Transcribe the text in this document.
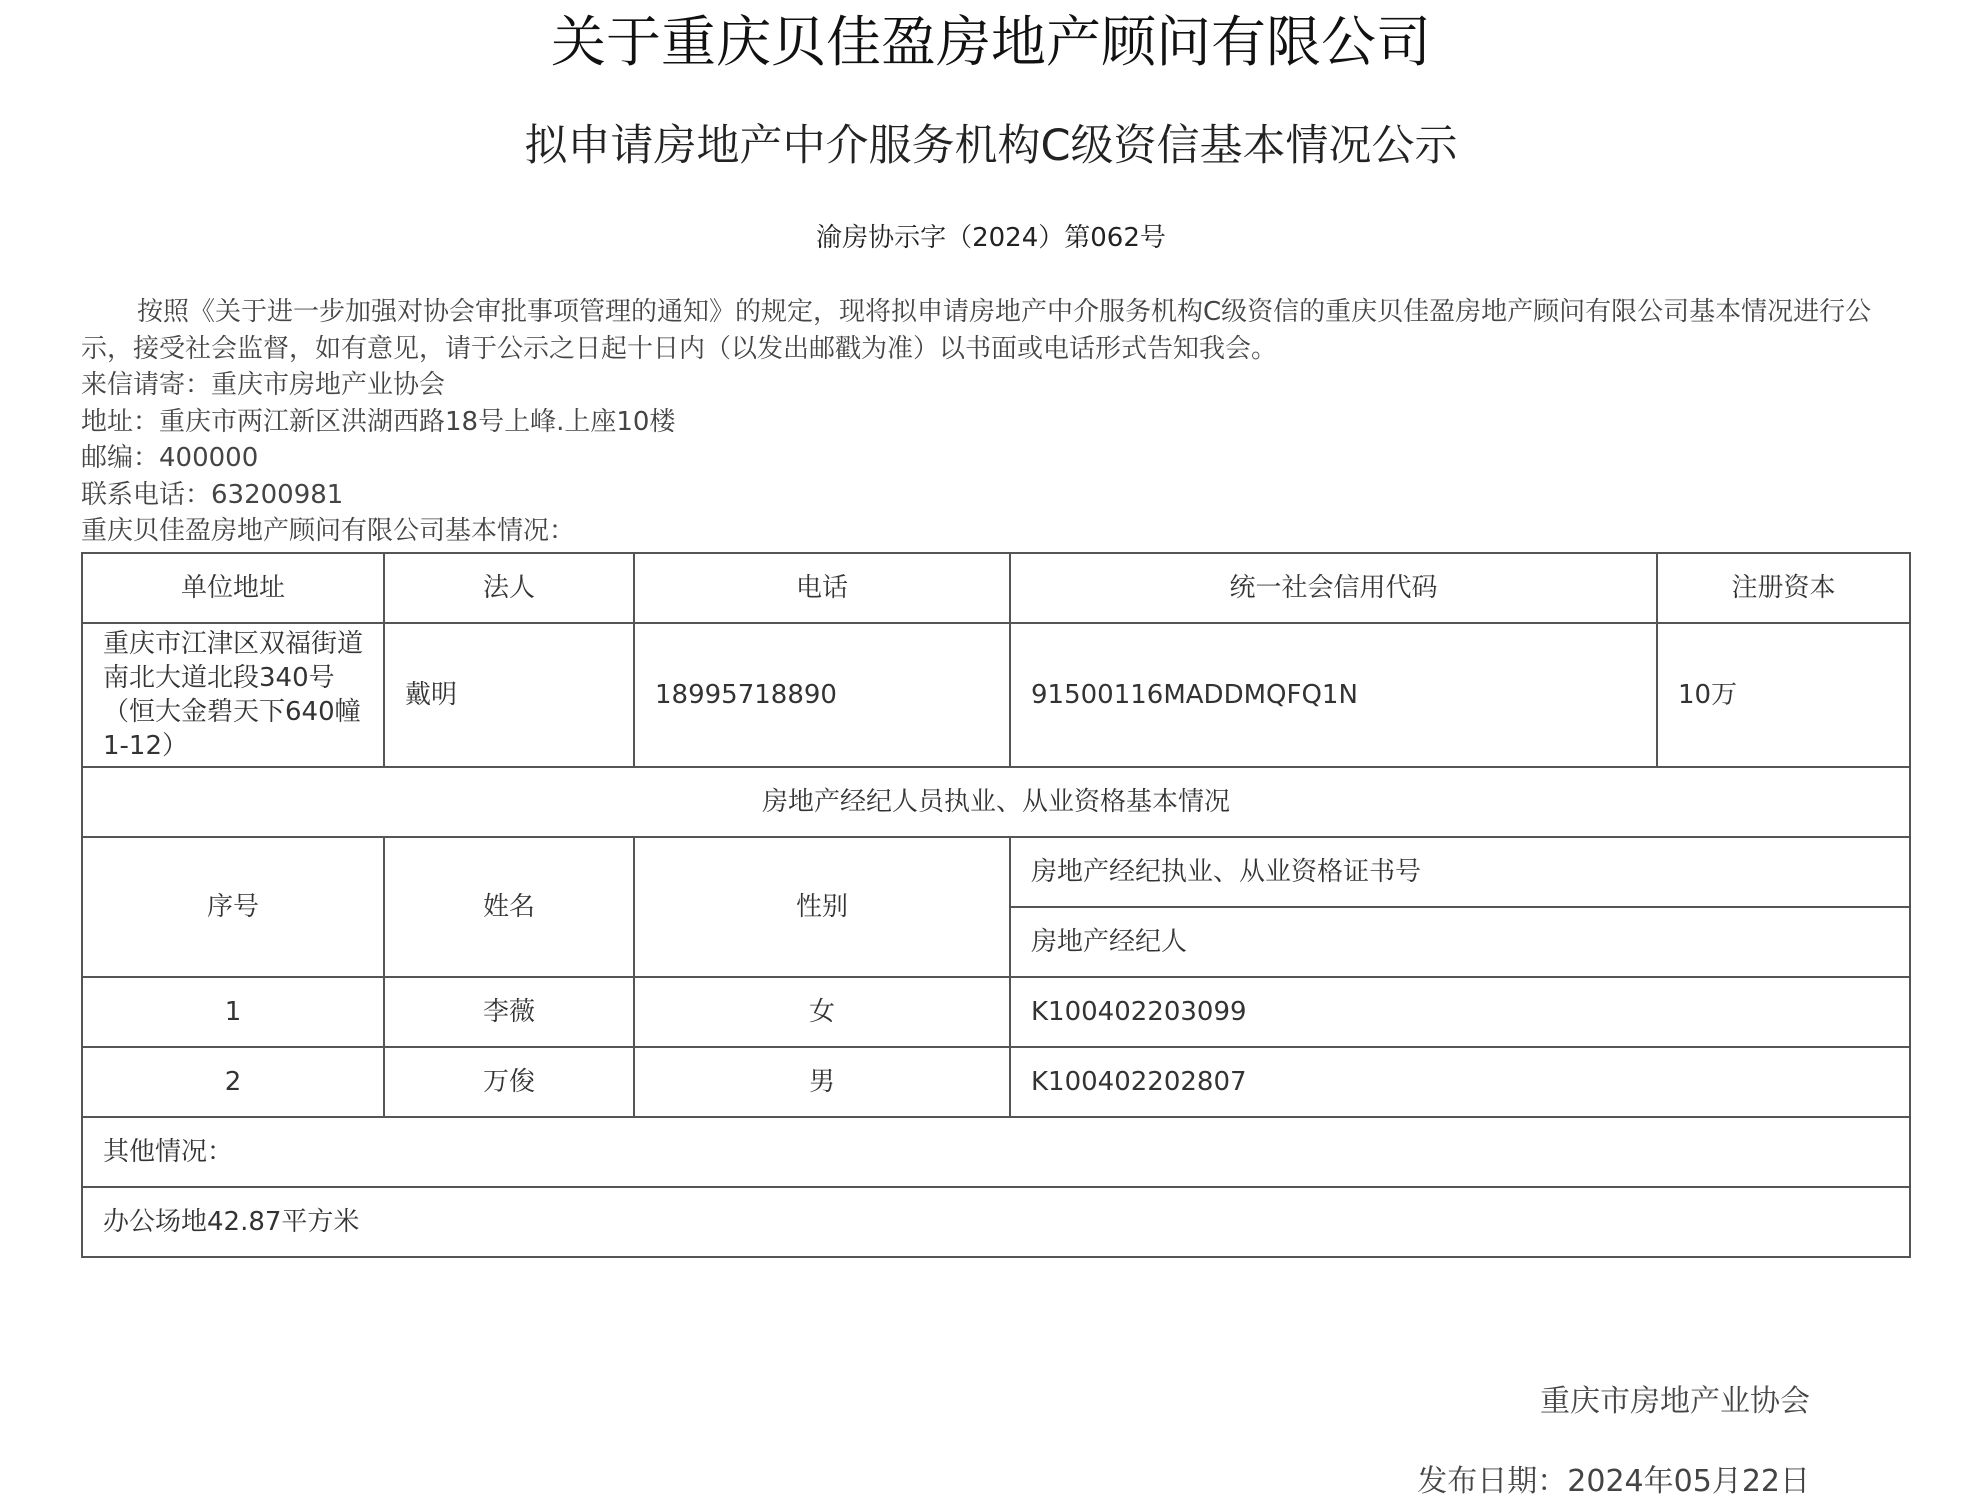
关于重庆贝佳盈房地产顾问有限公司
拟申请房地产中介服务机构C级资信基本情况公示
渝房协示字（2024）第062号

按照《关于进一步加强对协会审批事项管理的通知》的规定，现将拟申请房地产中介服务机构C级资信的重庆贝佳盈房地产顾问有限公司基本情况进行公示，接受社会监督，如有意见，请于公示之日起十日内（以发出邮戳为准）以书面或电话形式告知我会。

来信请寄：重庆市房地产业协会

地址：重庆市两江新区洪湖西路18号上峰.上座10楼

邮编：400000

联系电话：63200981

重庆贝佳盈房地产顾问有限公司基本情况：

单位地址	法人	电话	统一社会信用代码	注册资本
重庆市江津区双福街道南北大道北段340号（恒大金碧天下640幢1-12）	戴明	18995718890	91500116MADDMQFQ1N	10万
房地产经纪人员执业、从业资格基本情况				
序号	姓名	性别	房地产经纪执业、从业资格证书号	
			房地产经纪人	
1	李薇	女	K100402203099	
2	万俊	男	K100402202807	
其他情况：				
办公场地42.87平方米				
重庆市房地产业协会
发布日期：2024年05月22日
